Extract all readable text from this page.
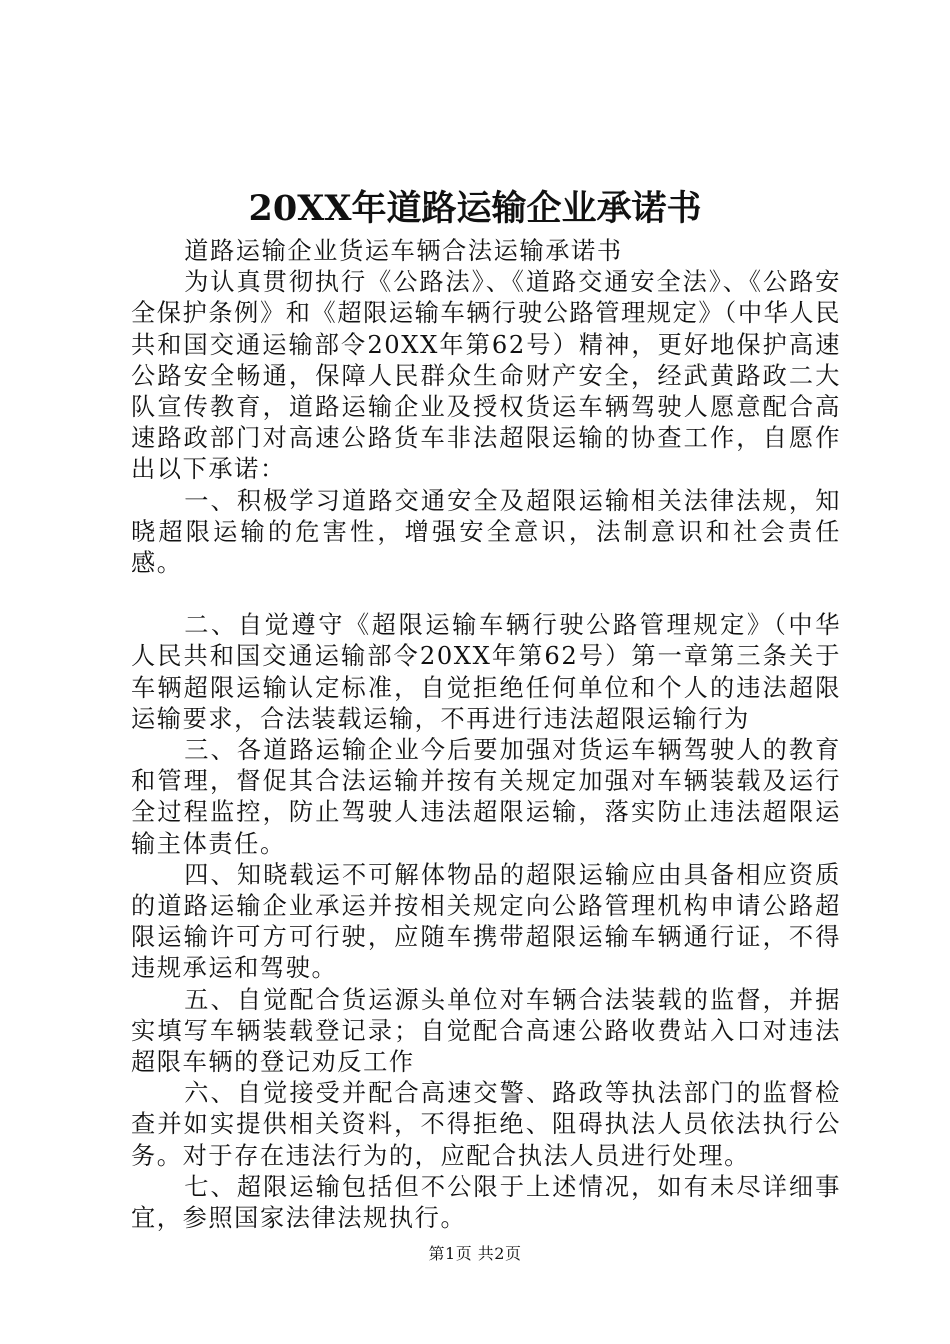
20XX年道路运输企业承诺书

道路运输企业货运车辆合法运输承诺书

为认真贯彻执行《公路法》、《道路交通安全法》、《公路安全保护条例》和《超限运输车辆行驶公路管理规定》（中华人民共和国交通运输部令20XX年第62号）精神，更好地保护高速公路安全畅通，保障人民群众生命财产安全，经武黄路政二大队宣传教育，道路运输企业及授权货运车辆驾驶人愿意配合高速路政部门对高速公路货车非法超限运输的协查工作，自愿作出以下承诺：

一、积极学习道路交通安全及超限运输相关法律法规，知晓超限运输的危害性，增强安全意识，法制意识和社会责任感。

二、自觉遵守《超限运输车辆行驶公路管理规定》（中华人民共和国交通运输部令20XX年第62号）第一章第三条关于车辆超限运输认定标准，自觉拒绝任何单位和个人的违法超限运输要求，合法装载运输，不再进行违法超限运输行为

三、各道路运输企业今后要加强对货运车辆驾驶人的教育和管理，督促其合法运输并按有关规定加强对车辆装载及运行全过程监控，防止驾驶人违法超限运输，落实防止违法超限运输主体责任。

四、知晓载运不可解体物品的超限运输应由具备相应资质的道路运输企业承运并按相关规定向公路管理机构申请公路超限运输许可方可行驶，应随车携带超限运输车辆通行证，不得违规承运和驾驶。

五、自觉配合货运源头单位对车辆合法装载的监督，并据实填写车辆装载登记录；自觉配合高速公路收费站入口对违法超限车辆的登记劝反工作

六、自觉接受并配合高速交警、路政等执法部门的监督检查并如实提供相关资料，不得拒绝、阻碍执法人员依法执行公务。对于存在违法行为的，应配合执法人员进行处理。

七、超限运输包括但不公限于上述情况，如有未尽详细事宜，参照国家法律法规执行。

第1页 共2页
